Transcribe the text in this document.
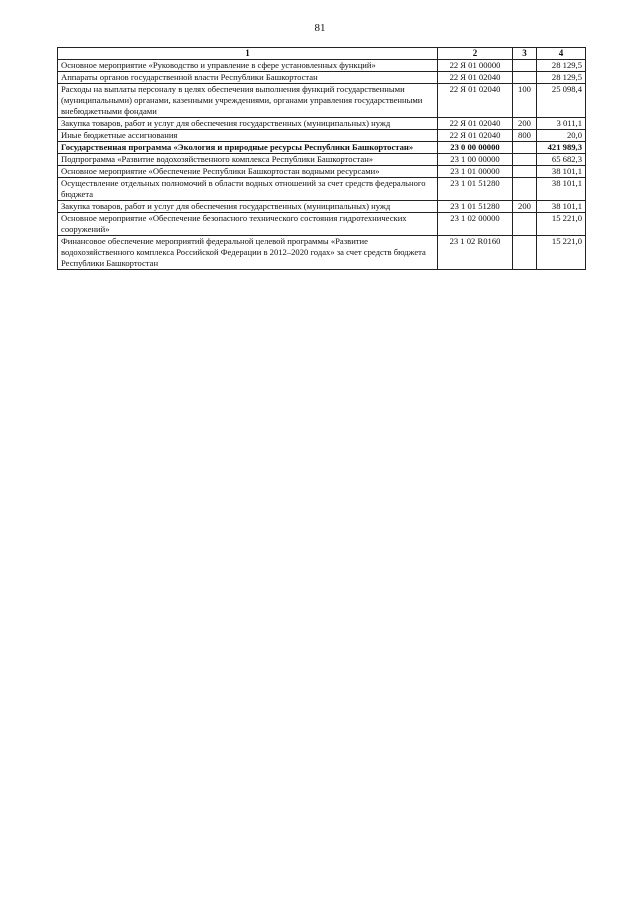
81
1	2	3	4
Основное мероприятие «Руководство и управление в сфере установленных функций»	22 Я 01 00000		28 129,5
Аппараты органов государственной власти Республики Башкортостан	22 Я 01 02040		28 129,5
Расходы на выплаты персоналу в целях обеспечения выполнения функций государственными (муниципальными) органами, казенными учреждениями, органами управления государственными внебюджетными фондами	22 Я 01 02040	100	25 098,4
Закупка товаров, работ и услуг для обеспечения государственных (муниципальных) нужд	22 Я 01 02040	200	3 011,1
Иные бюджетные ассигнования	22 Я 01 02040	800	20,0
Государственная программа «Экология и природные ресурсы Республики Башкортостан»	23 0 00 00000		421 989,3
Подпрограмма «Развитие водохозяйственного комплекса Республики Башкортостан»	23 1 00 00000		65 682,3
Основное мероприятие «Обеспечение Республики Башкортостан водными ресурсами»	23 1 01 00000		38 101,1
Осуществление отдельных полномочий в области водных отношений за счет средств федерального бюджета	23 1 01 51280		38 101,1
Закупка товаров, работ и услуг для обеспечения государственных (муниципальных) нужд	23 1 01 51280	200	38 101,1
Основное мероприятие «Обеспечение безопасного технического состояния гидротехнических сооружений»	23 1 02 00000		15 221,0
Финансовое обеспечение мероприятий федеральной целевой программы «Развитие водохозяйственного комплекса Российской Федерации в 2012–2020 годах» за счет средств бюджета Республики Башкортостан	23 1 02 R0160		15 221,0
